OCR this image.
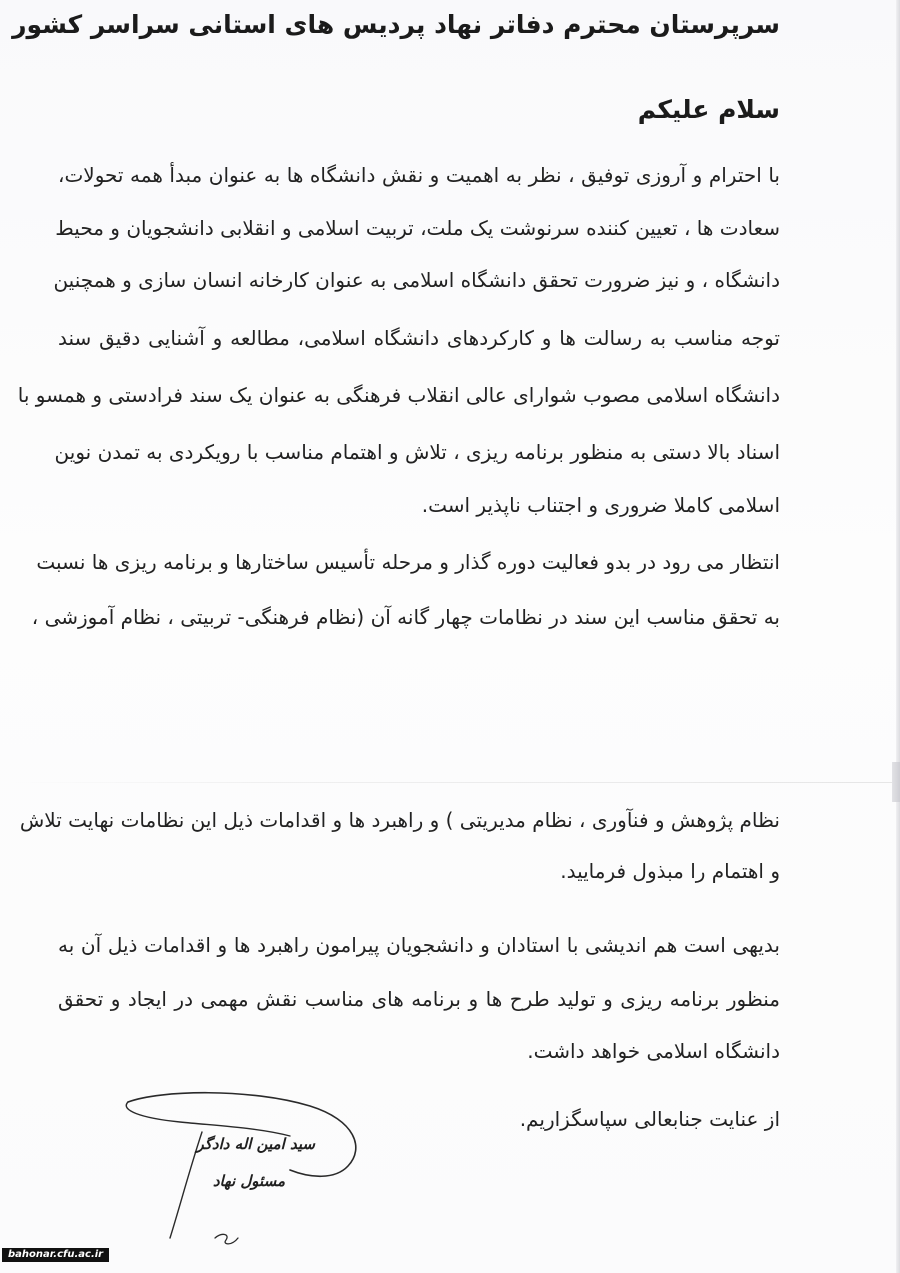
سرپرستان محترم دفاتر نهاد پردیس های استانی سراسر کشور
سلام علیکم

با احترام و آروزی توفیق ، نظر به اهمیت و نقش دانشگاه ها به عنوان مبدأ همه تحولات،

سعادت ها ، تعیین کننده سرنوشت یک ملت، تربیت اسلامی و انقلابی دانشجویان و محیط

دانشگاه ، و نیز ضرورت تحقق دانشگاه اسلامی به عنوان کارخانه انسان سازی و همچنین

توجه مناسب به رسالت ها و کارکردهای دانشگاه اسلامی، مطالعه و آشنایی دقیق سند

دانشگاه اسلامی مصوب شوارای عالی انقلاب فرهنگی به عنوان یک سند فرادستی و همسو با

اسناد بالا دستی به منظور برنامه ریزی ، تلاش و اهتمام مناسب با رویکردی به تمدن نوین

اسلامی کاملا ضروری و اجتناب ناپذیر است.

انتظار می رود در بدو فعالیت دوره گذار و مرحله تأسیس ساختارها و برنامه ریزی ها نسبت

به تحقق مناسب این سند در نظامات چهار گانه آن (نظام فرهنگی- تربیتی ، نظام آموزشی ،

نظام پژوهش و فنآوری ، نظام مدیریتی ) و راهبرد ها و اقدامات ذیل این نظامات نهایت تلاش

و اهتمام را مبذول فرمایید.

بدیهی است هم اندیشی با استادان و دانشجویان پیرامون راهبرد ها و اقدامات ذیل آن به

منظور برنامه ریزی و تولید طرح ها و برنامه های مناسب نقش مهمی در ایجاد و تحقق

دانشگاه اسلامی خواهد داشت.

از عنایت جنابعالی سپاسگزاریم.

سید امین اله دادگر

مسئول نهاد

bahonar.cfu.ac.ir
